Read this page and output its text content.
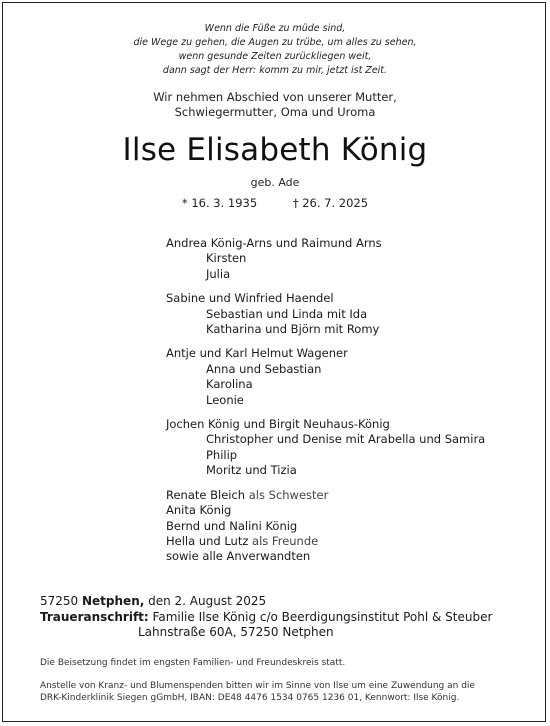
Wenn die Füße zu müde sind,
die Wege zu gehen, die Augen zu trübe, um alles zu sehen,
wenn gesunde Zeiten zurückliegen weit,
dann sagt der Herr: komm zu mir, jetzt ist Zeit.
Wir nehmen Abschied von unserer Mutter,
Schwiegermutter, Oma und Uroma
Ilse Elisabeth König
geb. Ade
* 16. 3. 1935	† 26. 7. 2025
Andrea König-Arns und Raimund Arns
Kirsten
Julia
Sabine und Winfried Haendel
Sebastian und Linda mit Ida
Katharina und Björn mit Romy
Antje und Karl Helmut Wagener
Anna und Sebastian
Karolina
Leonie
Jochen König und Birgit Neuhaus-König
Christopher und Denise mit Arabella und Samira
Philip
Moritz und Tizia
Renate Bleich als Schwester
Anita König
Bernd und Nalini König
Hella und Lutz als Freunde
sowie alle Anverwandten
57250 Netphen, den 2. August 2025
Traueranschrift: Familie Ilse König c/o Beerdigungsinstitut Pohl & Steuber
Lahnstraße 60A, 57250 Netphen
Die Beisetzung findet im engsten Familien- und Freundeskreis statt.
Anstelle von Kranz- und Blumenspenden bitten wir im Sinne von Ilse um eine Zuwendung an die
DRK-Kinderklinik Siegen gGmbH, IBAN: DE48 4476 1534 0765 1236 01, Kennwort: Ilse König.
